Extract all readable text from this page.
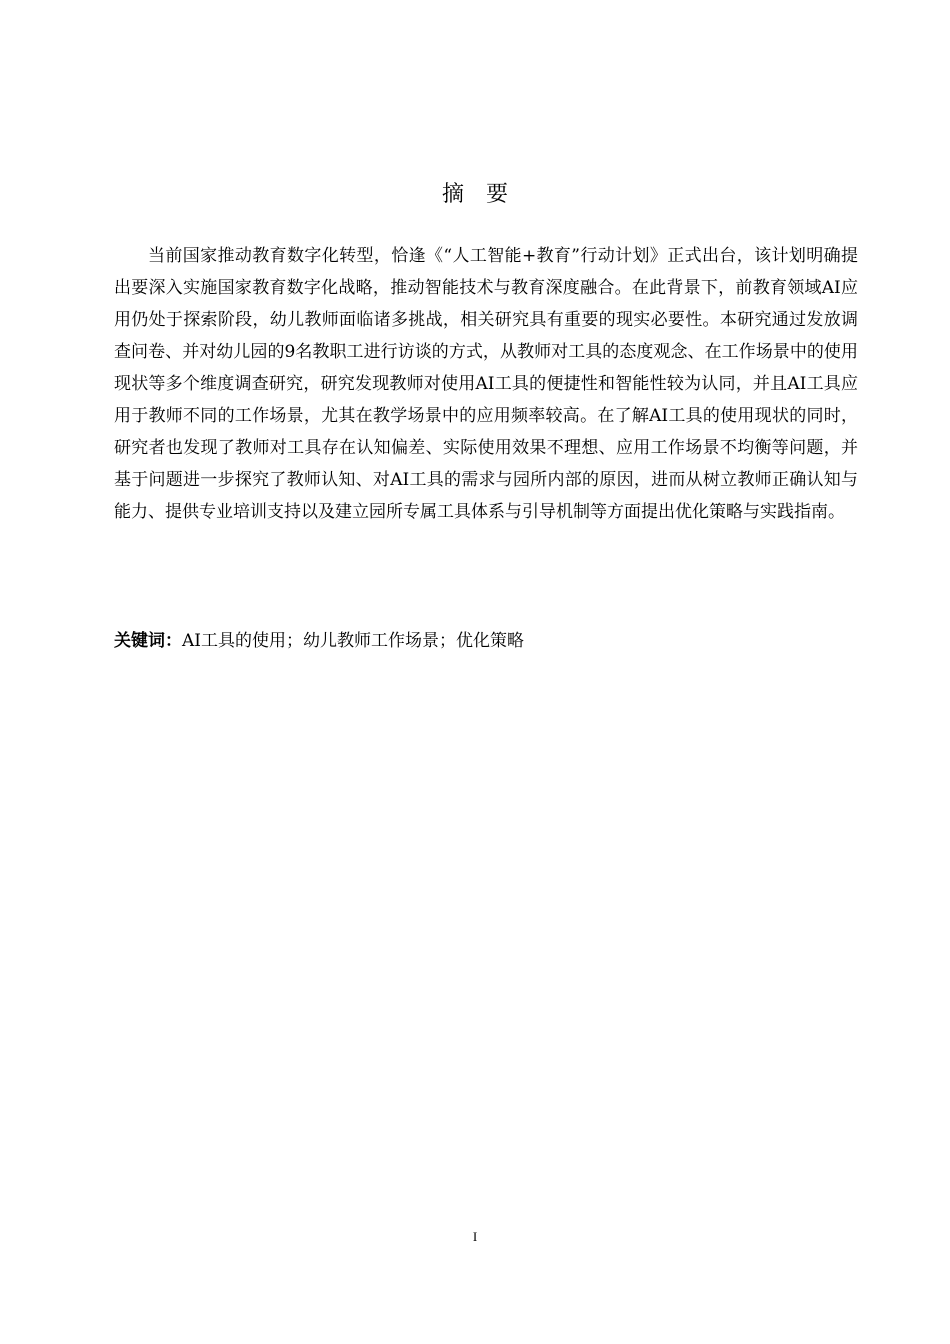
摘要

当前国家推动教育数字化转型，恰逢《“人工智能+教育”行动计划》正式出台，该计划明确提出要深入实施国家教育数字化战略，推动智能技术与教育深度融合。在此背景下，前教育领域AI应用仍处于探索阶段，幼儿教师面临诸多挑战，相关研究具有重要的现实必要性。本研究通过发放调查问卷、并对幼儿园的9名教职工进行访谈的方式，从教师对工具的态度观念、在工作场景中的使用现状等多个维度调查研究，研究发现教师对使用AI工具的便捷性和智能性较为认同，并且AI工具应用于教师不同的工作场景，尤其在教学场景中的应用频率较高。在了解AI工具的使用现状的同时，研究者也发现了教师对工具存在认知偏差、实际使用效果不理想、应用工作场景不均衡等问题，并基于问题进一步探究了教师认知、对AI工具的需求与园所内部的原因，进而从树立教师正确认知与能力、提供专业培训支持以及建立园所专属工具体系与引导机制等方面提出优化策略与实践指南。

关键词：AI工具的使用；幼儿教师工作场景；优化策略

I
